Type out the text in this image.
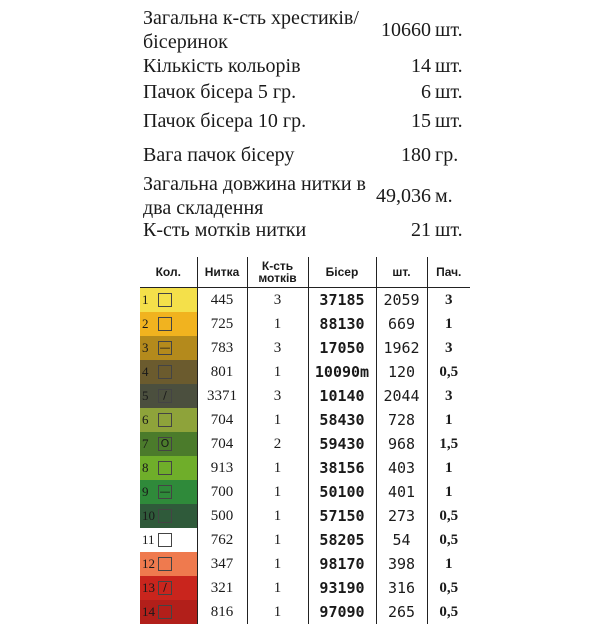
Загальна к-сть хрестиків/бісеринок
10660 шт.
Кількість кольорів	14 шт.
Пачок бісера 5 гр.	6 шт.
Пачок бісера 10 гр.	15 шт.
Вага пачок бісеру	180 гр.
Загальна довжина нитки в два складення
49,036 м.
К-сть мотків нитки	21 шт.
Кол.	Нитка	К-сть мотків	Бісер	шт.	Пач.

1	445	3	37185	2059	3

2	725	1	88130	669	1

3 —	783	3	17050	1962	3

4	801	1	10090m	120	0,5

5 /	3371	3	10140	2044	3

6	704	1	58430	728	1

7 O	704	2	59430	968	1,5

8	913	1	38156	403	1

9 —	700	1	50100	401	1

10	500	1	57150	273	0,5

11	762	1	58205	54	0,5

12	347	1	98170	398	1

13 /	321	1	93190	316	0,5

14	816	1	97090	265	0,5
